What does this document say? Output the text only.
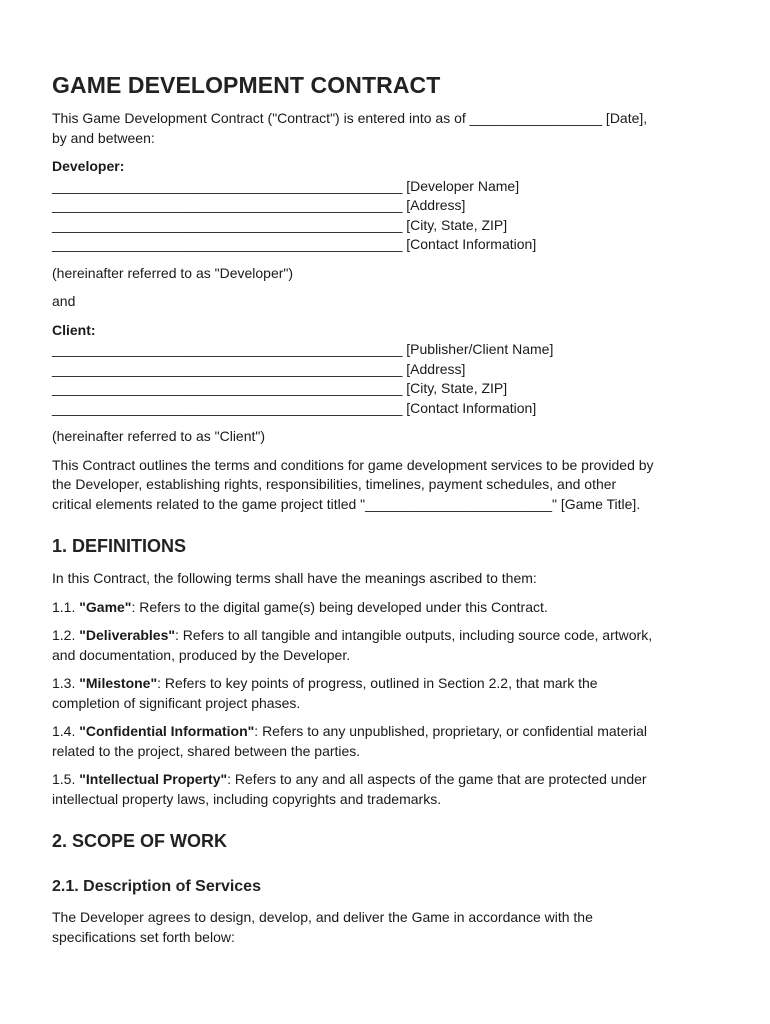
GAME DEVELOPMENT CONTRACT

This Game Development Contract ("Contract") is entered into as of _________________ [Date],
by and between:

Developer:

_____________________________________________ [Developer Name]
_____________________________________________ [Address]
_____________________________________________ [City, State, ZIP]
_____________________________________________ [Contact Information]

(hereinafter referred to as "Developer")

and

Client:

_____________________________________________ [Publisher/Client Name]
_____________________________________________ [Address]
_____________________________________________ [City, State, ZIP]
_____________________________________________ [Contact Information]

(hereinafter referred to as "Client")

This Contract outlines the terms and conditions for game development services to be provided by
the Developer, establishing rights, responsibilities, timelines, payment schedules, and other
critical elements related to the game project titled "________________________" [Game Title].

1. DEFINITIONS

In this Contract, the following terms shall have the meanings ascribed to them:

1.1. "Game": Refers to the digital game(s) being developed under this Contract.

1.2. "Deliverables": Refers to all tangible and intangible outputs, including source code, artwork,
and documentation, produced by the Developer.

1.3. "Milestone": Refers to key points of progress, outlined in Section 2.2, that mark the
completion of significant project phases.

1.4. "Confidential Information": Refers to any unpublished, proprietary, or confidential material
related to the project, shared between the parties.

1.5. "Intellectual Property": Refers to any and all aspects of the game that are protected under
intellectual property laws, including copyrights and trademarks.

2. SCOPE OF WORK
2.1. Description of Services

The Developer agrees to design, develop, and deliver the Game in accordance with the
specifications set forth below:
